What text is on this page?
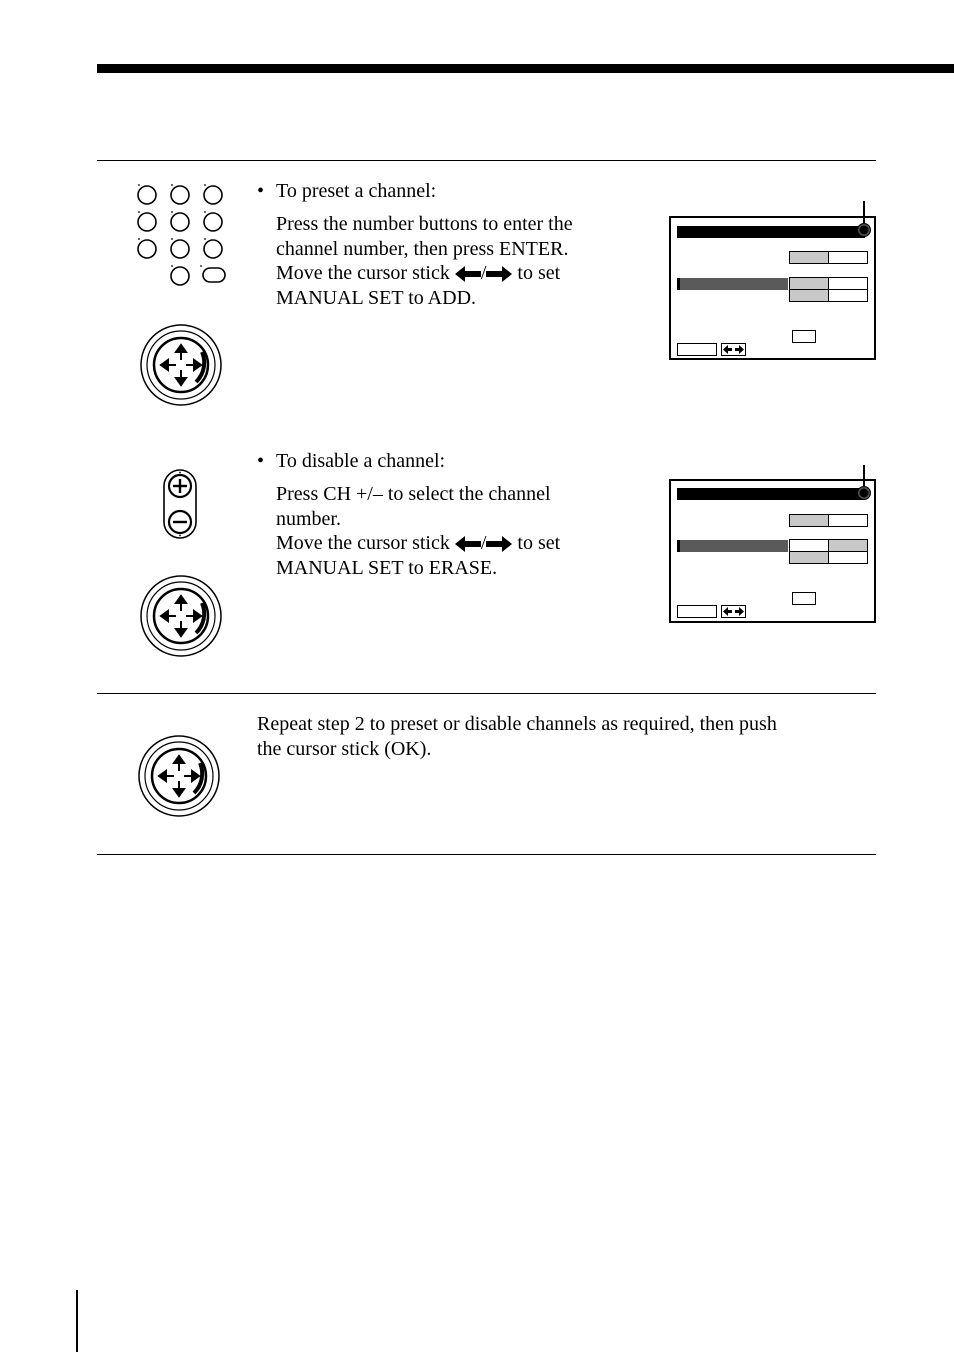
• To preset a channel:
Press the number buttons to enter the
channel number, then press ENTER.
Move the cursor stick / to set
MANUAL SET to ADD.
• To disable a channel:
Press CH +/– to select the channel
number.
Move the cursor stick / to set
MANUAL SET to ERASE.
Repeat step 2 to preset or disable channels as required, then push
the cursor stick (OK).
